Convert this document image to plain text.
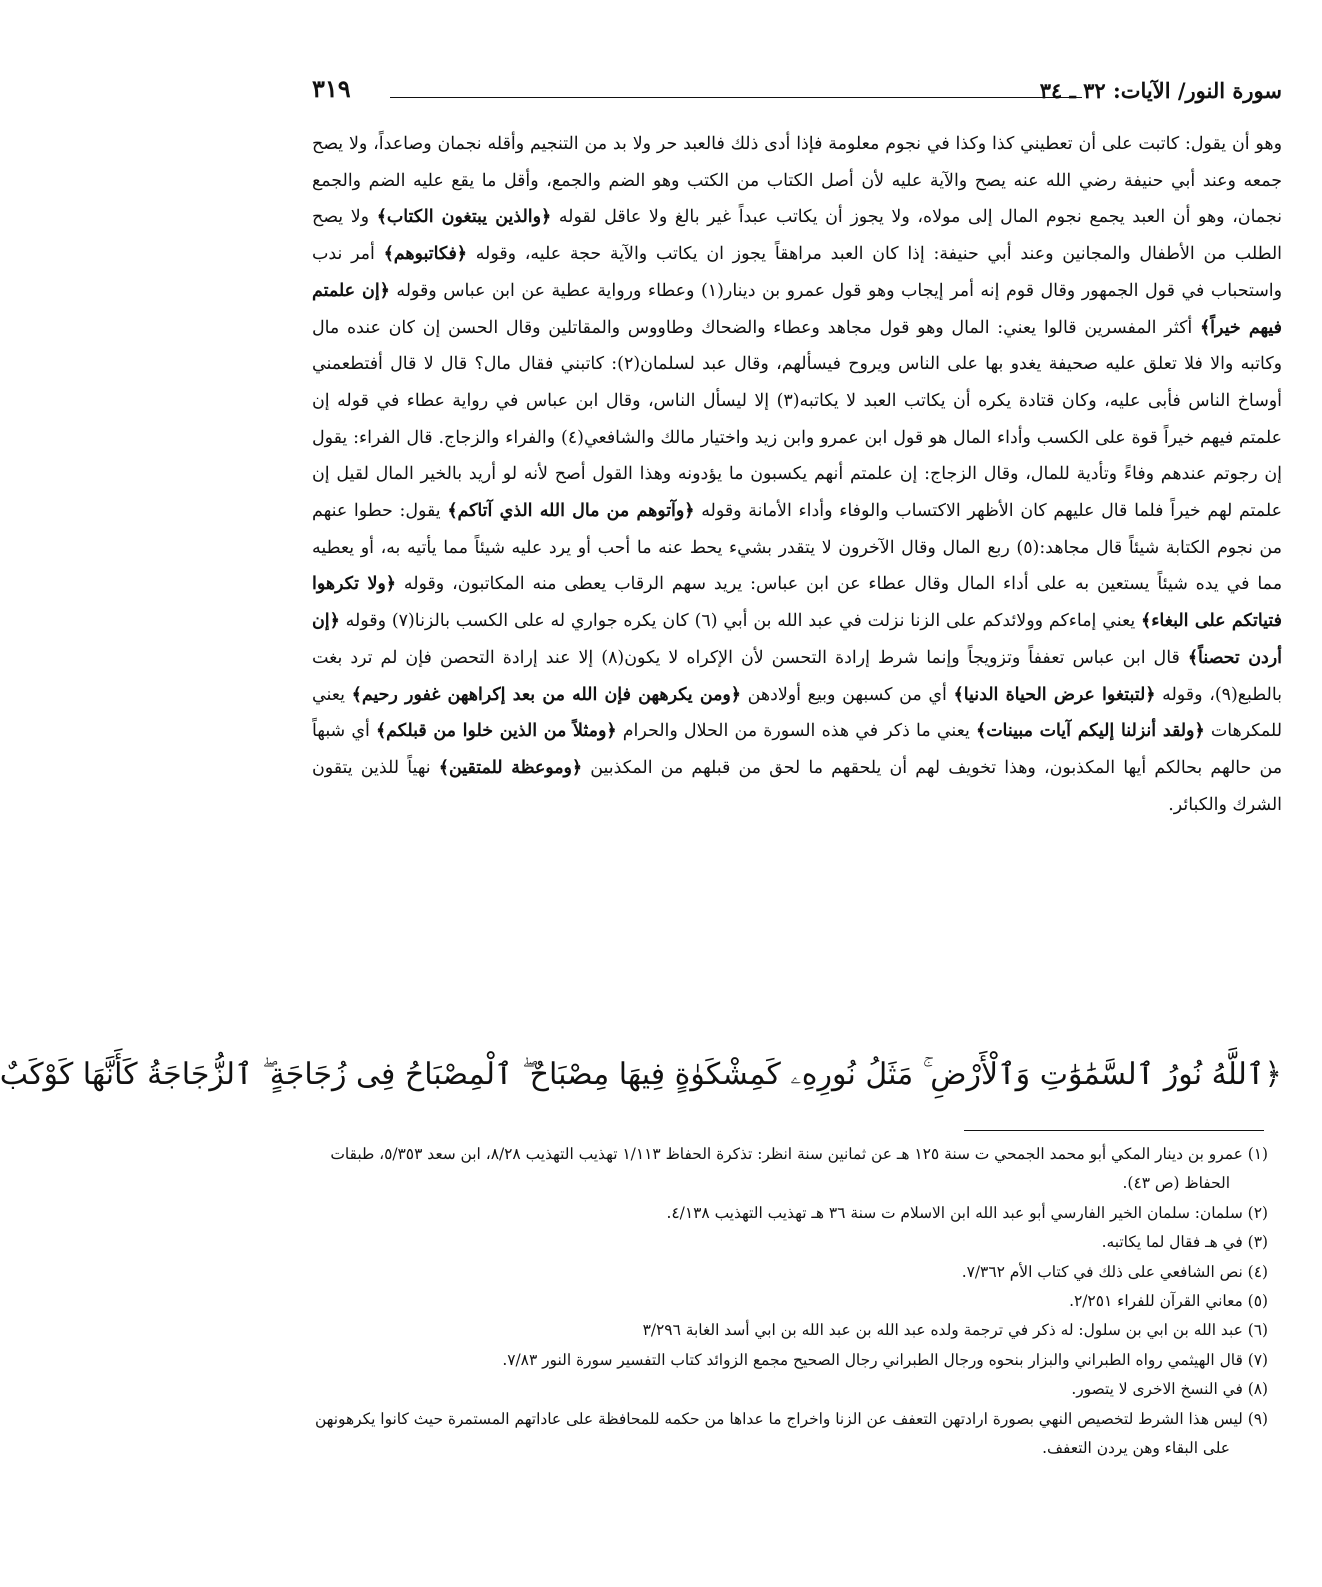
سورة النور/ الآيات: ٣٢ ـ ٣٤
٣١٩

وهو أن يقول: كاتبت على أن تعطيني كذا وكذا في نجوم معلومة فإذا أدى ذلك فالعبد حر ولا بد من التنجيم وأقله نجمان وصاعداً، ولا يصح جمعه وعند أبي حنيفة رضي الله عنه يصح والآية عليه لأن أصل الكتاب من الكتب وهو الضم والجمع، وأقل ما يقع عليه الضم والجمع نجمان، وهو أن العبد يجمع نجوم المال إلى مولاه، ولا يجوز أن يكاتب عبداً غير بالغ ولا عاقل لقوله ﴿والذين يبتغون الكتاب﴾ ولا يصح الطلب من الأطفال والمجانين وعند أبي حنيفة: إذا كان العبد مراهقاً يجوز ان يكاتب والآية حجة عليه، وقوله ﴿فكاتبوهم﴾ أمر ندب واستحباب في قول الجمهور وقال قوم إنه أمر إيجاب وهو قول عمرو بن دينار(١) وعطاء ورواية عطية عن ابن عباس وقوله ﴿إن علمتم فيهم خيراً﴾ أكثر المفسرين قالوا يعني: المال وهو قول مجاهد وعطاء والضحاك وطاووس والمقاتلين وقال الحسن إن كان عنده مال وكاتبه والا فلا تعلق عليه صحيفة يغدو بها على الناس ويروح فيسألهم، وقال عبد لسلمان(٢): كاتبني فقال مال؟ قال لا قال أفتطعمني أوساخ الناس فأبى عليه، وكان قتادة يكره أن يكاتب العبد لا يكاتبه(٣) إلا ليسأل الناس، وقال ابن عباس في رواية عطاء في قوله إن علمتم فيهم خيراً قوة على الكسب وأداء المال هو قول ابن عمرو وابن زيد واختيار مالك والشافعي(٤) والفراء والزجاج. قال الفراء: يقول إن رجوتم عندهم وفاءً وتأدية للمال، وقال الزجاج: إن علمتم أنهم يكسبون ما يؤدونه وهذا القول أصح لأنه لو أريد بالخير المال لقيل إن علمتم لهم خيراً فلما قال عليهم كان الأظهر الاكتساب والوفاء وأداء الأمانة وقوله ﴿وآتوهم من مال الله الذي آتاكم﴾ يقول: حطوا عنهم من نجوم الكتابة شيئاً قال مجاهد:(٥) ربع المال وقال الآخرون لا يتقدر بشيء يحط عنه ما أحب أو يرد عليه شيئاً مما يأتيه به، أو يعطيه مما في يده شيئاً يستعين به على أداء المال وقال عطاء عن ابن عباس: يريد سهم الرقاب يعطى منه المكاتبون، وقوله ﴿ولا تكرهوا فتياتكم على البغاء﴾ يعني إماءكم وولائدكم على الزنا نزلت في عبد الله بن أبي (٦) كان يكره جواري له على الكسب بالزنا(٧) وقوله ﴿إن أردن تحصناً﴾ قال ابن عباس تعففاً وتزويجاً وإنما شرط إرادة التحسن لأن الإكراه لا يكون(٨) إلا عند إرادة التحصن فإن لم ترد بغت بالطبع(٩)، وقوله ﴿لتبتغوا عرض الحياة الدنيا﴾ أي من كسبهن وبيع أولادهن ﴿ومن يكرههن فإن الله من بعد إكراههن غفور رحيم﴾ يعني للمكرهات ﴿ولقد أنزلنا إليكم آيات مبينات﴾ يعني ما ذكر في هذه السورة من الحلال والحرام ﴿ومثلاً من الذين خلوا من قبلكم﴾ أي شبهاً من حالهم بحالكم أيها المكذبون، وهذا تخويف لهم أن يلحقهم ما لحق من قبلهم من المكذبين ﴿وموعظة للمتقين﴾ نهياً للذين يتقون الشرك والكبائر.

﴿ٱللَّهُ نُورُ ٱلسَّمَٰوَٰتِ وَٱلْأَرْضِ ۚ مَثَلُ نُورِهِۦ كَمِشْكَوٰةٍ فِيهَا مِصْبَاحٌ ۖ ٱلْمِصْبَاحُ فِى زُجَاجَةٍ ۖ ٱلزُّجَاجَةُ كَأَنَّهَا كَوْكَبٌ

(١) عمرو بن دينار المكي أبو محمد الجمحي ت سنة ١٢٥ هـ عن ثمانين سنة انظر: تذكرة الحفاظ ١/١١٣ تهذيب التهذيب ٨/٢٨، ابن سعد ٥/٣٥٣، طبقات الحفاظ (ص ٤٣).

(٢) سلمان: سلمان الخير الفارسي أبو عبد الله ابن الاسلام ت سنة ٣٦ هـ تهذيب التهذيب ٤/١٣٨.

(٣) في هـ فقال لما يكاتبه.

(٤) نص الشافعي على ذلك في كتاب الأم ٧/٣٦٢.

(٥) معاني القرآن للفراء ٢/٢٥١.

(٦) عبد الله بن ابي بن سلول: له ذكر في ترجمة ولده عبد الله بن عبد الله بن ابي أسد الغابة ٣/٢٩٦

(٧) قال الهيثمي رواه الطبراني والبزار بنحوه ورجال الطبراني رجال الصحيح مجمع الزوائد كتاب التفسير سورة النور ٧/٨٣.

(٨) في النسخ الاخرى لا يتصور.

(٩) ليس هذا الشرط لتخصيص النهي بصورة ارادتهن التعفف عن الزنا واخراج ما عداها من حكمه للمحافظة على عاداتهم المستمرة حيث كانوا يكرهونهن على البقاء وهن يردن التعفف.
